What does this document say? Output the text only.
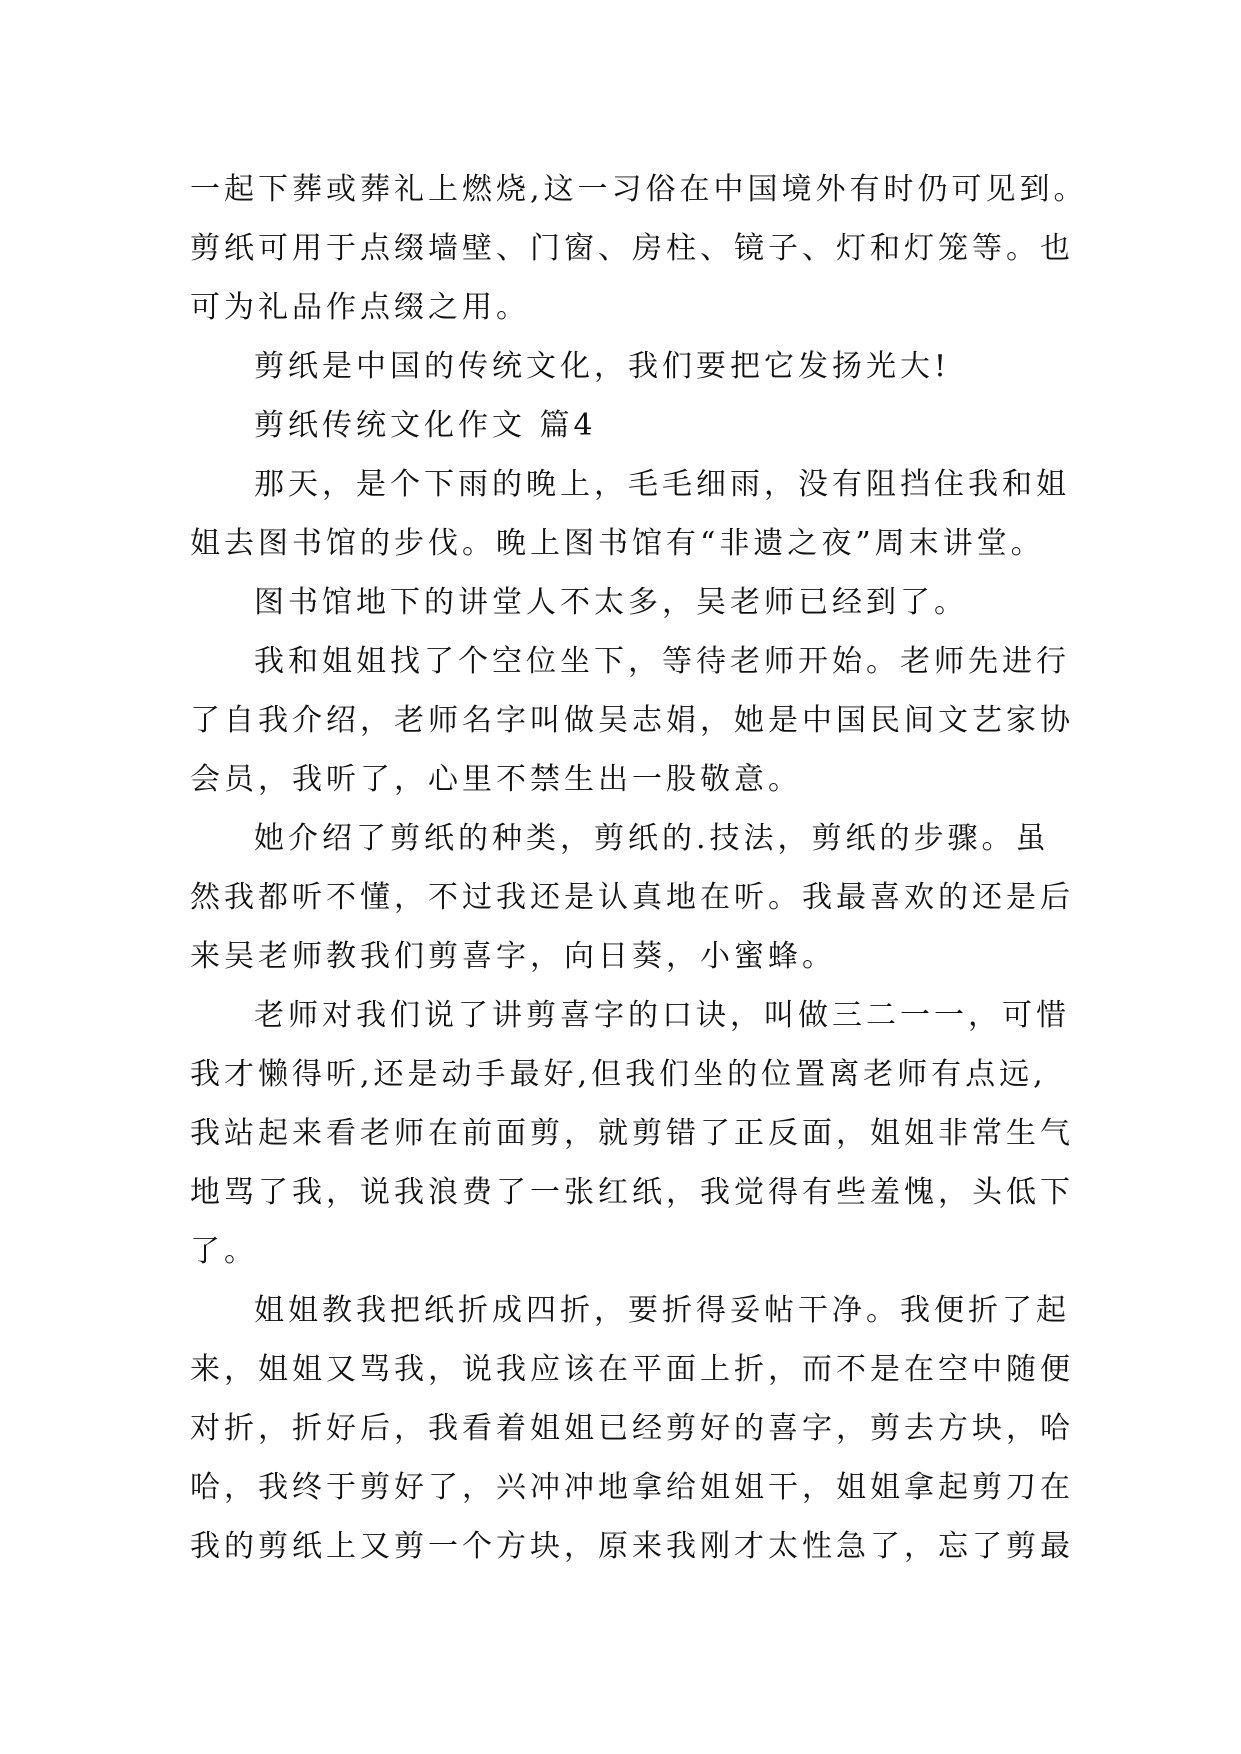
一起下葬或葬礼上燃烧,这一习俗在中国境外有时仍可见到。
剪纸可用于点缀墙壁、门窗、房柱、镜子、灯和灯笼等。也
可为礼品作点缀之用。
剪纸是中国的传统文化，我们要把它发扬光大!
剪纸传统文化作文 篇4
那天，是个下雨的晚上，毛毛细雨，没有阻挡住我和姐
姐去图书馆的步伐。晚上图书馆有“非遗之夜”周末讲堂。
图书馆地下的讲堂人不太多，吴老师已经到了。
我和姐姐找了个空位坐下，等待老师开始。老师先进行
了自我介绍，老师名字叫做吴志娟，她是中国民间文艺家协
会员，我听了，心里不禁生出一股敬意。
她介绍了剪纸的种类，剪纸的.技法，剪纸的步骤。虽
然我都听不懂，不过我还是认真地在听。我最喜欢的还是后
来吴老师教我们剪喜字，向日葵，小蜜蜂。
老师对我们说了讲剪喜字的口诀，叫做三二一一，可惜
我才懒得听,还是动手最好,但我们坐的位置离老师有点远,
我站起来看老师在前面剪，就剪错了正反面，姐姐非常生气
地骂了我，说我浪费了一张红纸，我觉得有些羞愧，头低下
了。
姐姐教我把纸折成四折，要折得妥帖干净。我便折了起
来，姐姐又骂我，说我应该在平面上折，而不是在空中随便
对折，折好后，我看着姐姐已经剪好的喜字，剪去方块，哈
哈，我终于剪好了，兴冲冲地拿给姐姐干，姐姐拿起剪刀在
我的剪纸上又剪一个方块，原来我刚才太性急了，忘了剪最
